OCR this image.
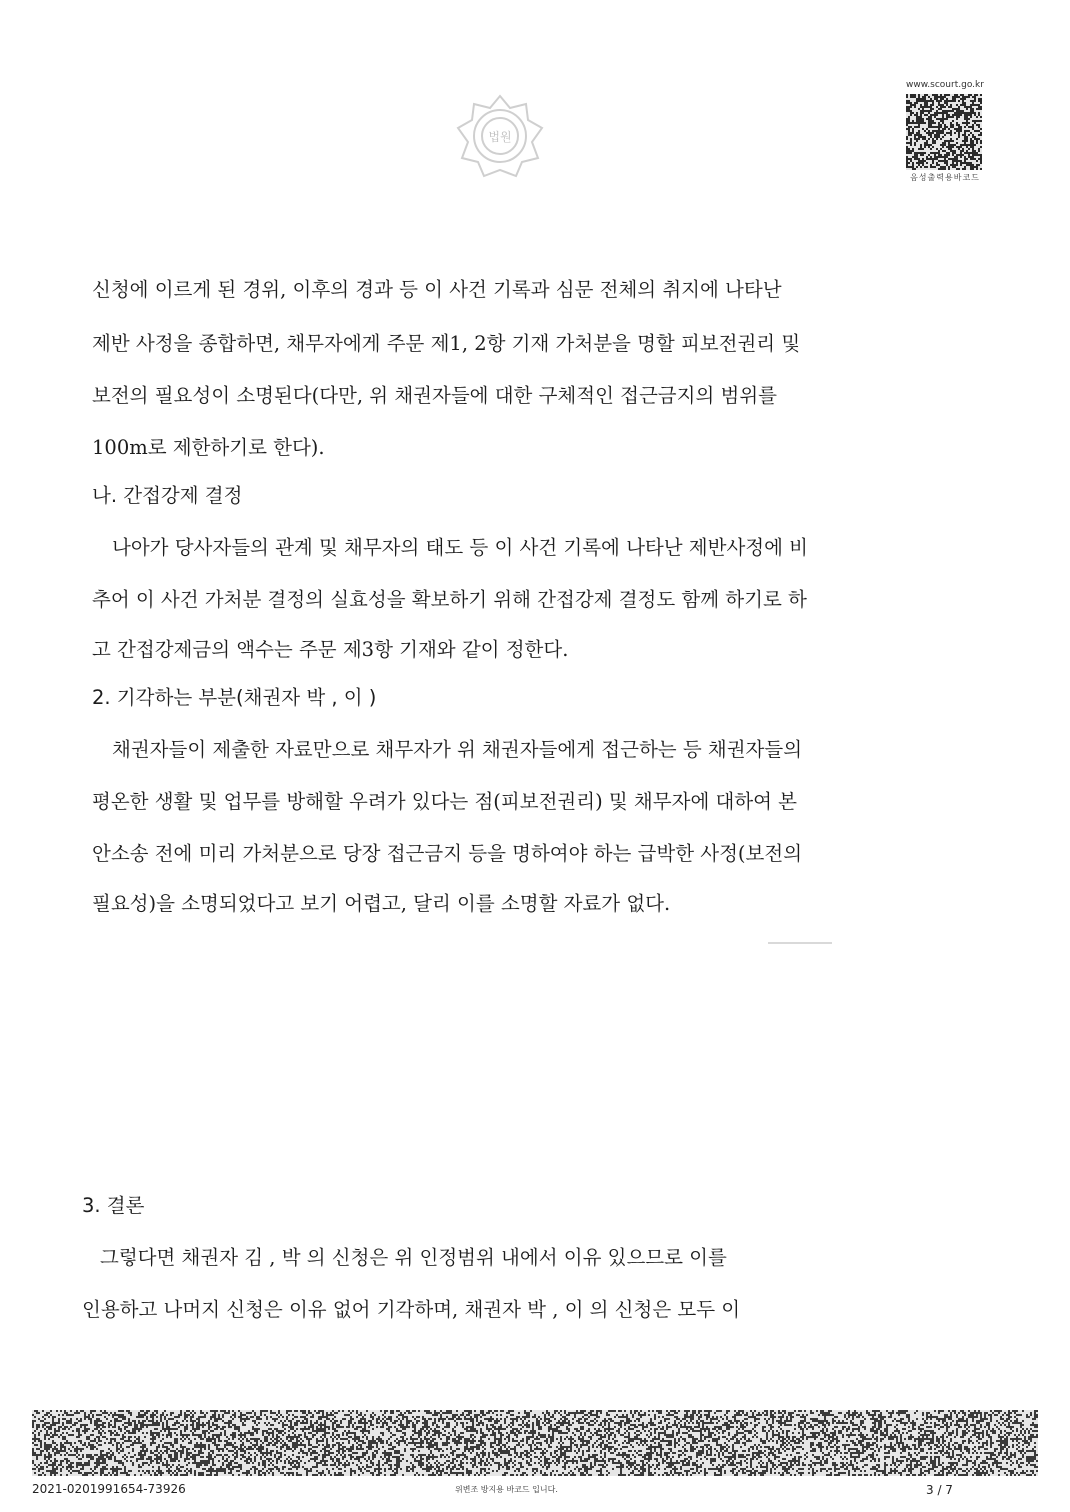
법원
www.scourt.go.kr
음성출력용바코드
신청에 이르게 된 경위, 이후의 경과 등 이 사건 기록과 심문 전체의 취지에 나타난
제반 사정을 종합하면, 채무자에게 주문 제1, 2항 기재 가처분을 명할 피보전권리 및
보전의 필요성이 소명된다(다만, 위 채권자들에 대한 구체적인 접근금지의 범위를
100m로 제한하기로 한다).
나. 간접강제 결정
나아가 당사자들의 관계 및 채무자의 태도 등 이 사건 기록에 나타난 제반사정에 비
추어 이 사건 가처분 결정의 실효성을 확보하기 위해 간접강제 결정도 함께 하기로 하
고 간접강제금의 액수는 주문 제3항 기재와 같이 정한다.
2. 기각하는 부분(채권자 박 , 이 )
채권자들이 제출한 자료만으로 채무자가 위 채권자들에게 접근하는 등 채권자들의
평온한 생활 및 업무를 방해할 우려가 있다는 점(피보전권리) 및 채무자에 대하여 본
안소송 전에 미리 가처분으로 당장 접근금지 등을 명하여야 하는 급박한 사정(보전의
필요성)을 소명되었다고 보기 어렵고, 달리 이를 소명할 자료가 없다.
3. 결론
그렇다면 채권자 김 , 박 의 신청은 위 인정범위 내에서 이유 있으므로 이를
인용하고 나머지 신청은 이유 없어 기각하며, 채권자 박 , 이 의 신청은 모두 이
2021-0201991654-73926	위변조 방지용 바코드 입니다.	3 / 7
